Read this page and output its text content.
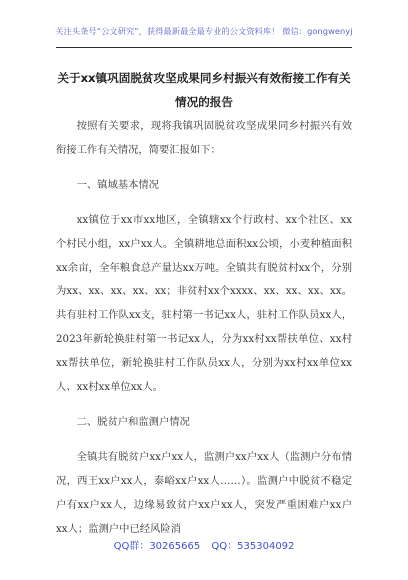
关注头条号“公文研究”，获得最新最全最专业的公文资料库！ 微信：gongwenyj
关于xx镇巩固脱贫攻坚成果同乡村振兴有效衔接工作有关
情况的报告

按照有关要求，现将我镇巩固脱贫攻坚成果同乡村振兴有效衔接工作有关情况，简要汇报如下：

一、镇域基本情况

xx镇位于xx市xx地区，全镇辖xx个行政村、xx个社区、xx个村民小组，xx户xx人。全镇耕地总面积xx公顷，小麦种植面积xx余亩，全年粮食总产量达xx万吨。全镇共有脱贫村xx个，分别为xx、xx、xx、xx、xx；非贫村xx个xxxx、xx、xx、xx、xx。共有驻村工作队xx支，驻村第一书记xx人，驻村工作队员xx人，2023年新轮换驻村第一书记xx人，分为xx村xx帮扶单位、xx村xx帮扶单位，新轮换驻村工作队员xx人，分别为xx村xx单位xx人、xx村xx单位xx人。

二、脱贫户和监测户情况

全镇共有脱贫户xx户xx人，监测户xx户xx人（监测户分布情况，西王xx户xx人，泰峪xx户xx人……）。监测户中脱贫不稳定户有xx户xx人，边缘易致贫户xx户xx人，突发严重困难户xx户xx人；监测户中已经风险消

QQ群：30265665 QQ：535304092
